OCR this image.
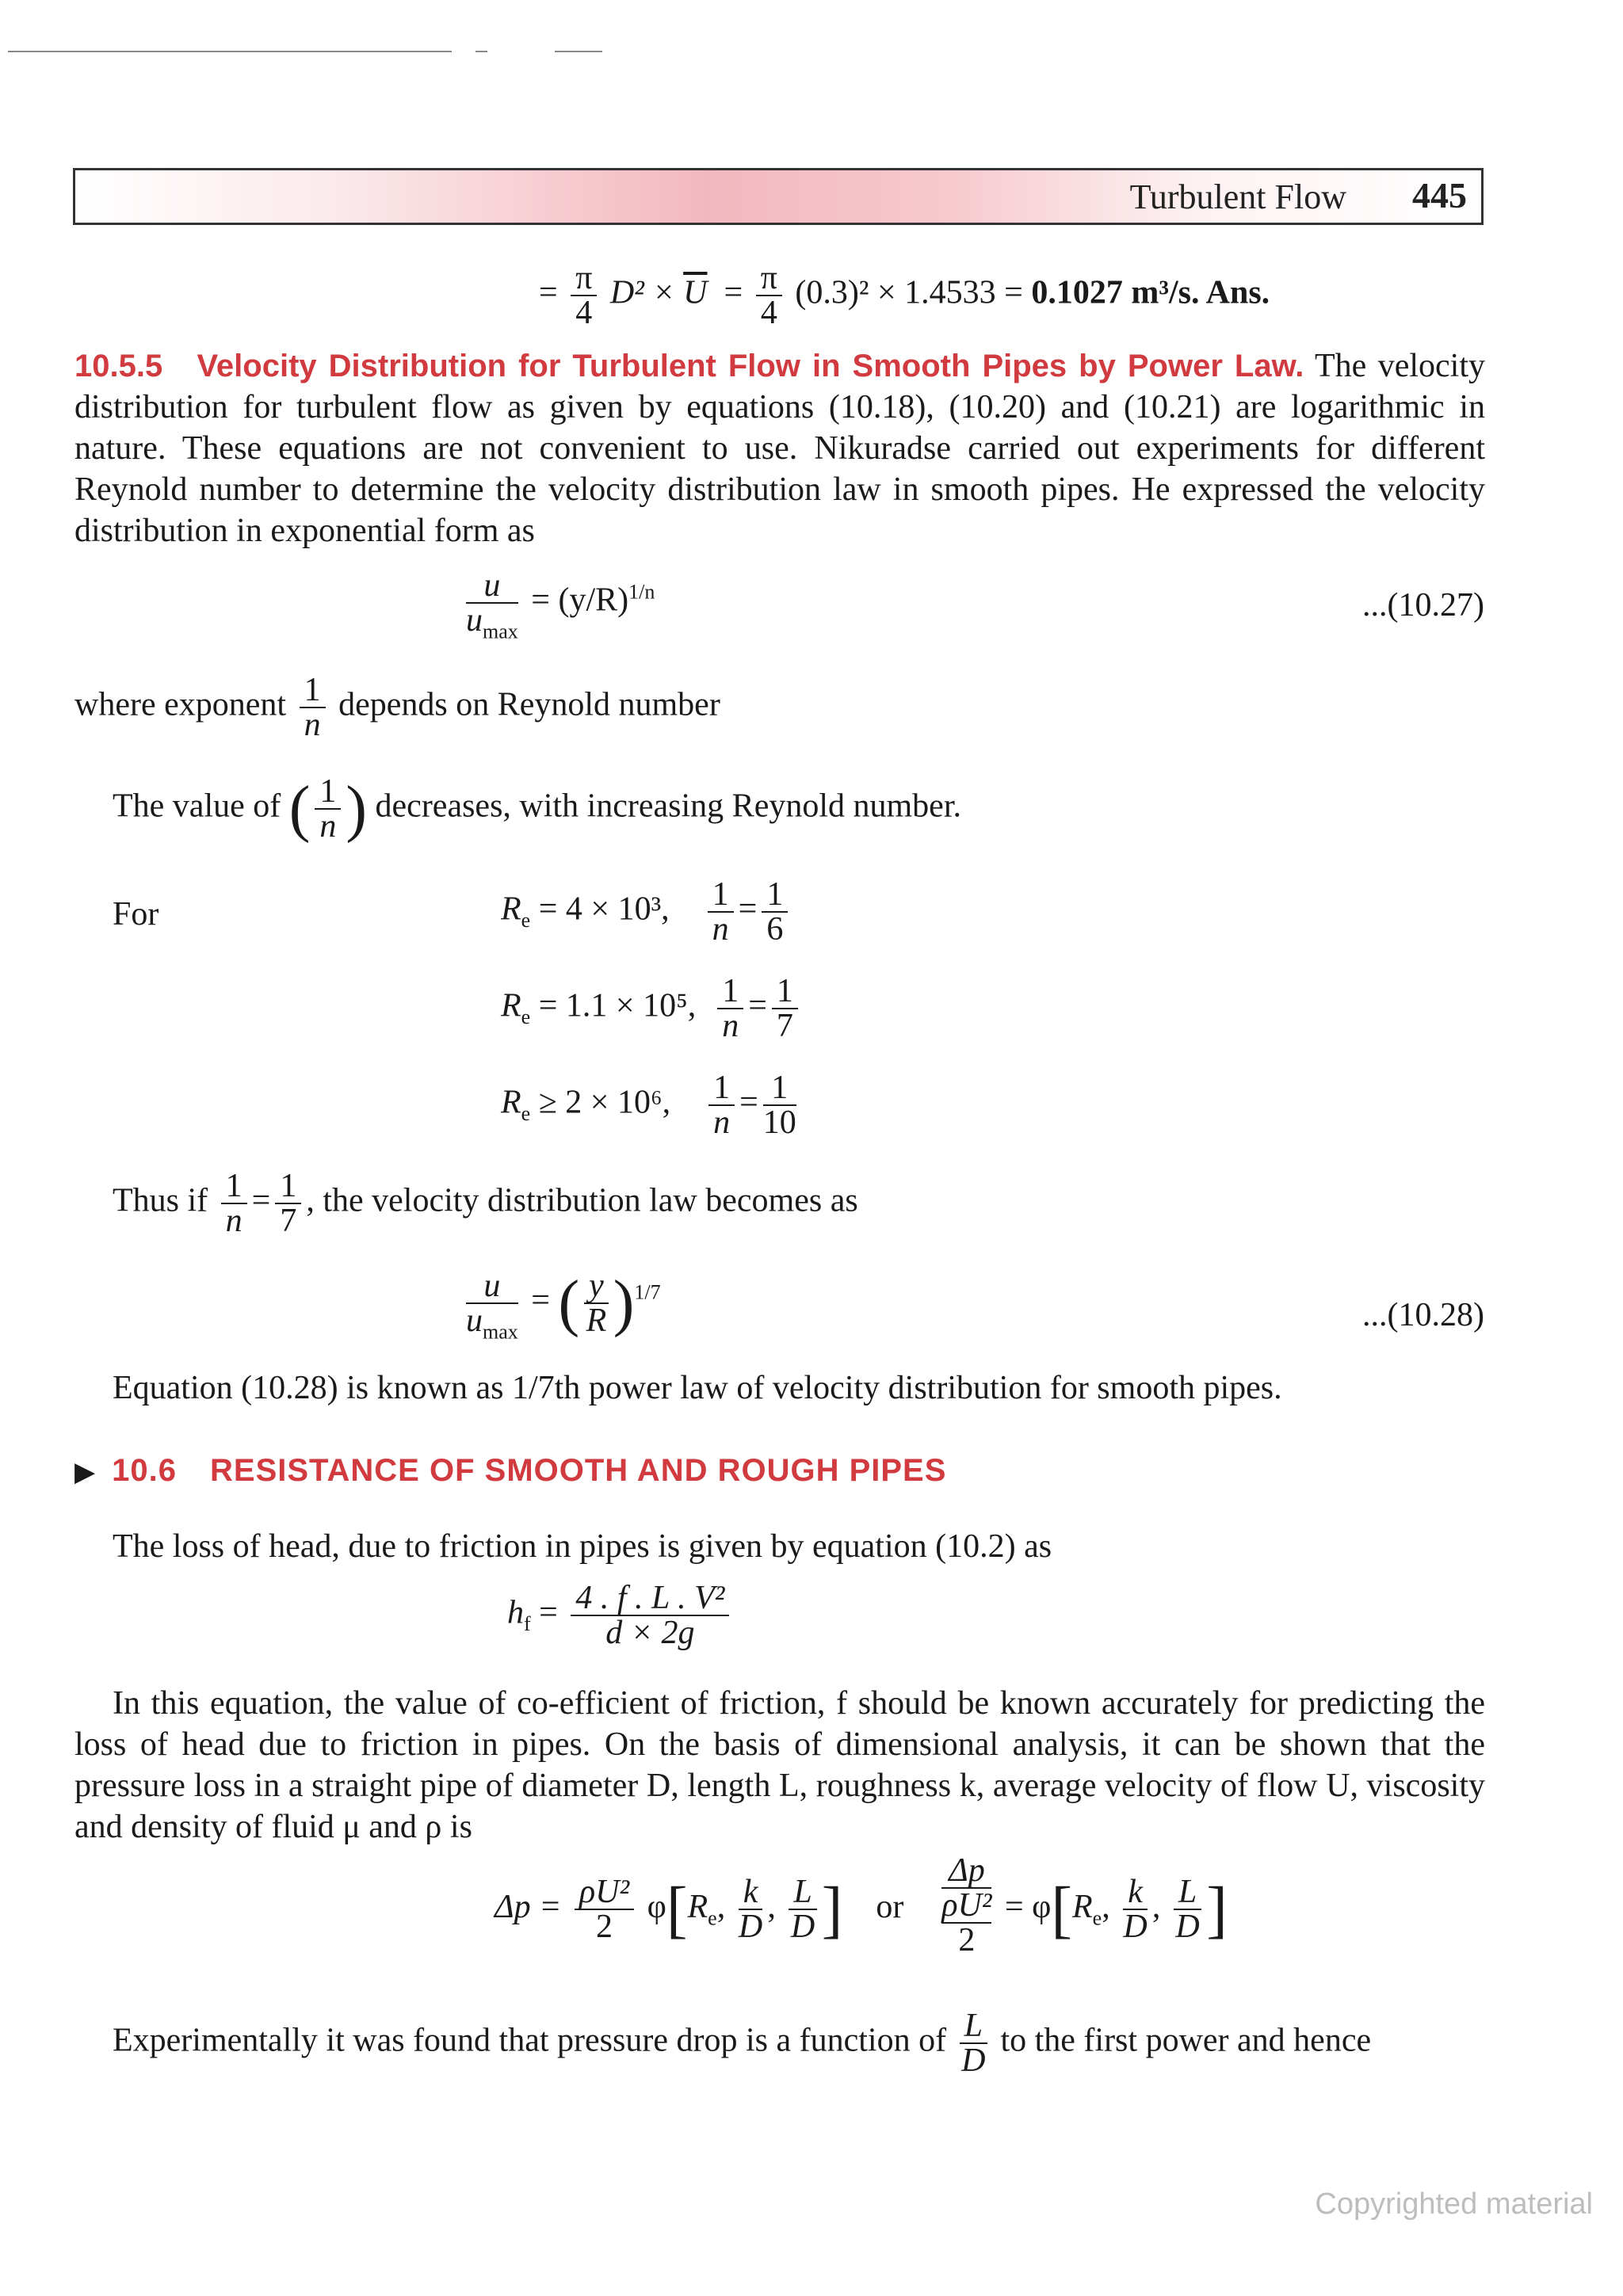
Turbulent Flow 445
= $\frac{\pi}{4} D^2 \times \overline{U} = \frac{\pi}{4} (0.3)^2 \times 1.4533 = 0.1027$ m³/s. Ans.
10.5.5 Velocity Distribution for Turbulent Flow in Smooth Pipes by Power Law. The velocity distribution for turbulent flow as given by equations (10.18), (10.20) and (10.21) are logarithmic in nature. These equations are not convenient to use. Nikuradse carried out experiments for different Reynold number to determine the velocity distribution law in smooth pipes. He expressed the velocity distribution in exponential form as
$\frac{u}{u_{max}} = (y/R)^{1/n}$	...(10.27)
where exponent $\frac{1}{n}$ depends on Reynold number
The value of ( $\frac{1}{n}$ ) decreases, with increasing Reynold number.
For	$R_e = 4 \times 10^3$, $\frac{1}{n} = \frac{1}{6}$
$R_e = 1.1 \times 10^5$, $\frac{1}{n} = \frac{1}{7}$
$R_e \ge 2 \times 10^6$, $\frac{1}{n} = \frac{1}{10}$
Thus if $\frac{1}{n} = \frac{1}{7}$ , the velocity distribution law becomes as
$\frac{u}{u_{max}}$ = ( $\frac{y}{R} )^{1/7}$
...(10.28)
Equation (10.28) is known as 1/7th power law of velocity distribution for smooth pipes.
▶ 10.6 RESISTANCE OF SMOOTH AND ROUGH PIPES
The loss of head, due to friction in pipes is given by equation (10.2) as
$h_f = \frac{\text{4 . f . L . V²}}{d \times 2g}$
In this equation, the value of co-efficient of friction, f should be known accurately for predicting the loss of head due to friction in pipes. On the basis of dimensional analysis, it can be shown that the pressure loss in a straight pipe of diameter D, length L, roughness k, average velocity of flow U, viscosity and density of fluid μ and ρ is
$\Delta p = \frac{\text{ρU²}}{2} \varphi[R_e$, $\frac{k}{D}$ , $\frac{L}{D}$ ] or
Δp
ρU²
2
= $\varphi[R_e$, $\frac{k}{D}$ , $\frac{L}{D}$ ]
Experimentally it was found that pressure drop is a function of $\frac{L}{D}$ to the first power and hence
Copyrighted material
